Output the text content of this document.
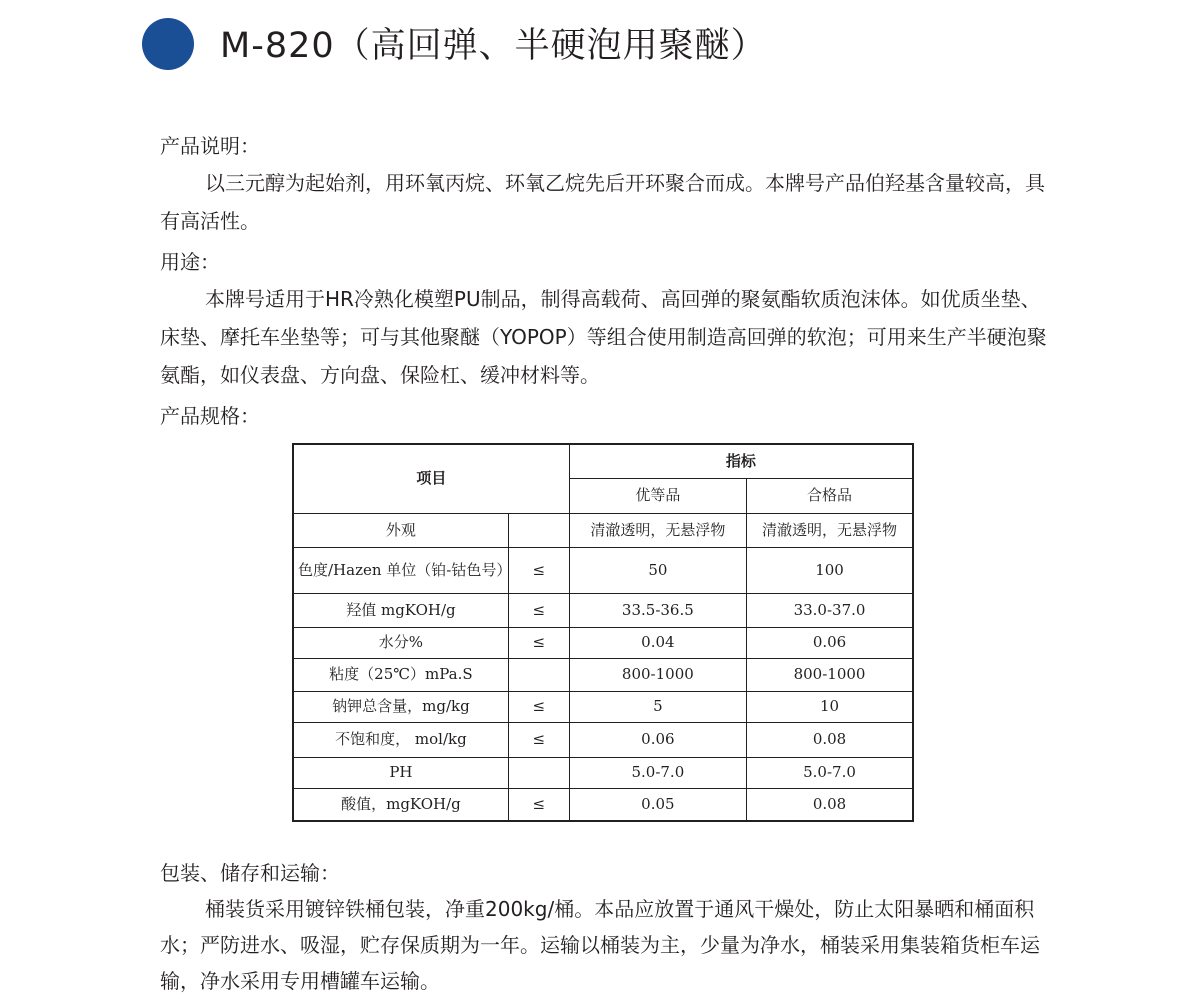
M-820（高回弹、半硬泡用聚醚）
产品说明：
以三元醇为起始剂，用环氧丙烷、环氧乙烷先后开环聚合而成。本牌号产品伯羟基含量较高，具有高活性。
用途：
本牌号适用于HR冷熟化模塑PU制品，制得高载荷、高回弹的聚氨酯软质泡沫体。如优质坐垫、床垫、摩托车坐垫等；可与其他聚醚（YOPOP）等组合使用制造高回弹的软泡；可用来生产半硬泡聚氨酯，如仪表盘、方向盘、保险杠、缓冲材料等。
产品规格：
项目		指标	
		优等品	合格品
外观		清澈透明，无悬浮物	清澈透明，无悬浮物
色度/Hazen 单位（铂-钴色号）	≤	50	100
羟值 mgKOH/g	≤	33.5-36.5	33.0-37.0
水分%	≤	0.04	0.06
粘度（25℃）mPa.S		800-1000	800-1000
钠钾总含量，mg/kg	≤	5	10
不饱和度， mol/kg	≤	0.06	0.08
PH		5.0-7.0	5.0-7.0
酸值，mgKOH/g	≤	0.05	0.08
包装、储存和运输：
桶装货采用镀锌铁桶包装，净重200kg/桶。本品应放置于通风干燥处，防止太阳暴晒和桶面积水；严防进水、吸湿，贮存保质期为一年。运输以桶装为主，少量为净水，桶装采用集装箱货柜车运输，净水采用专用槽罐车运输。
